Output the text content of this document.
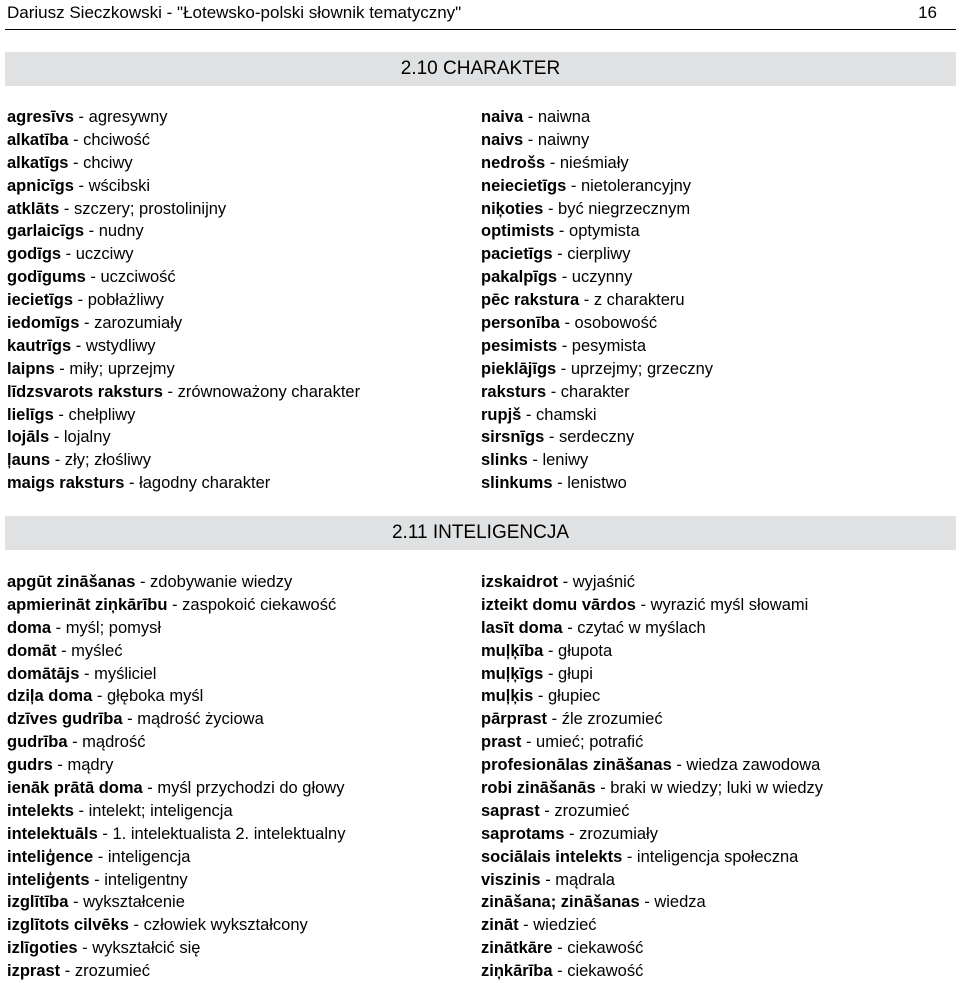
Dariusz Sieczkowski - "Łotewsko-polski słownik tematyczny"	16
2.10 CHARAKTER
agresīvs - agresywny
alkatība - chciwość
alkatīgs - chciwy
apnicīgs - wścibski
atklāts - szczery; prostolinijny
garlaicīgs - nudny
godīgs - uczciwy
godīgums - uczciwość
iecietīgs - pobłażliwy
iedomīgs - zarozumiały
kautrīgs - wstydliwy
laipns - miły; uprzejmy
līdzsvarots raksturs - zrównoważony charakter
lielīgs - chełpliwy
lojāls - lojalny
ļauns - zły; złośliwy
maigs raksturs - łagodny charakter
naiva - naiwna
naivs - naiwny
nedrošs - nieśmiały
neiecietīgs - nietolerancyjny
niķoties - być niegrzecznym
optimists - optymista
pacietīgs - cierpliwy
pakalpīgs - uczynny
pēc rakstura - z charakteru
personība - osobowość
pesimists - pesymista
pieklājīgs - uprzejmy; grzeczny
raksturs - charakter
rupjš - chamski
sirsnīgs - serdeczny
slinks - leniwy
slinkums - lenistwo
2.11 INTELIGENCJA
apgūt zināšanas - zdobywanie wiedzy
apmierināt ziņkārību - zaspokoić ciekawość
doma - myśl; pomysł
domāt - myśleć
domātājs - myśliciel
dziļa doma - głęboka myśl
dzīves gudrība - mądrość życiowa
gudrība - mądrość
gudrs - mądry
ienāk prātā doma - myśl przychodzi do głowy
intelekts - intelekt; inteligencja
intelektuāls - 1. intelektualista 2. intelektualny
inteliģence - inteligencja
inteliģents - inteligentny
izglītība - wykształcenie
izglītots cilvēks - człowiek wykształcony
izlīgoties - wykształcić się
izprast - zrozumieć
izskaidrot - wyjaśnić
izteikt domu vārdos - wyrazić myśl słowami
lasīt doma - czytać w myślach
muļķība - głupota
muļķīgs - głupi
muļķis - głupiec
pārprast - źle zrozumieć
prast - umieć; potrafić
profesionālas zināšanas - wiedza zawodowa
robi zināšanās - braki w wiedzy; luki w wiedzy
saprast - zrozumieć
saprotams - zrozumiały
sociālais intelekts - inteligencja społeczna
viszinis - mądrala
zināšana; zināšanas - wiedza
zināt - wiedzieć
zinātkāre - ciekawość
ziņkārība - ciekawość
